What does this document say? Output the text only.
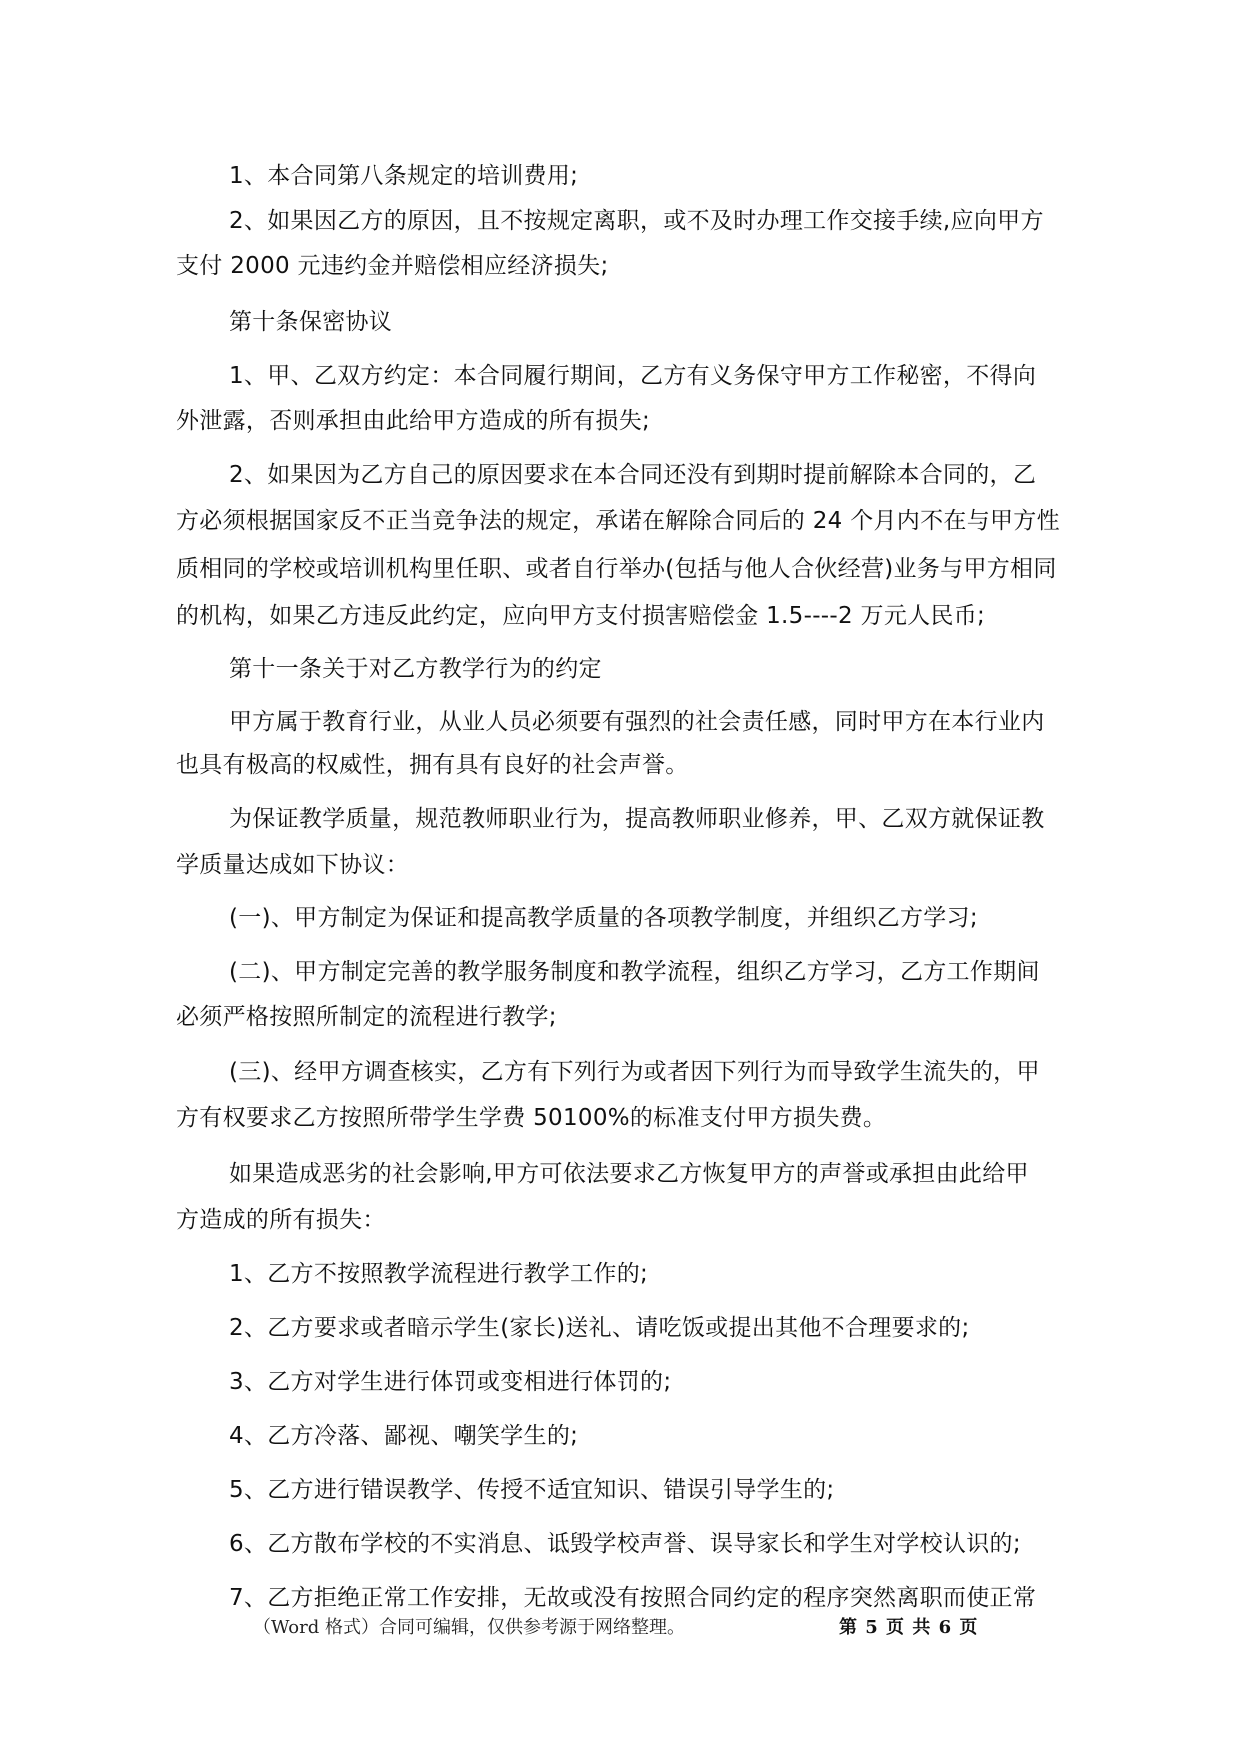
1、本合同第八条规定的培训费用;
2、如果因乙方的原因，且不按规定离职，或不及时办理工作交接手续,应向甲方
支付 2000 元违约金并赔偿相应经济损失;
第十条保密协议
1、甲、乙双方约定：本合同履行期间，乙方有义务保守甲方工作秘密，不得向
外泄露，否则承担由此给甲方造成的所有损失;
2、如果因为乙方自己的原因要求在本合同还没有到期时提前解除本合同的，乙
方必须根据国家反不正当竞争法的规定，承诺在解除合同后的 24 个月内不在与甲方性
质相同的学校或培训机构里任职、或者自行举办(包括与他人合伙经营)业务与甲方相同
的机构，如果乙方违反此约定，应向甲方支付损害赔偿金 1.5----2 万元人民币;
第十一条关于对乙方教学行为的约定
甲方属于教育行业，从业人员必须要有强烈的社会责任感，同时甲方在本行业内
也具有极高的权威性，拥有具有良好的社会声誉。
为保证教学质量，规范教师职业行为，提高教师职业修养，甲、乙双方就保证教
学质量达成如下协议：
(一)、甲方制定为保证和提高教学质量的各项教学制度，并组织乙方学习;
(二)、甲方制定完善的教学服务制度和教学流程，组织乙方学习，乙方工作期间
必须严格按照所制定的流程进行教学;
(三)、经甲方调查核实，乙方有下列行为或者因下列行为而导致学生流失的，甲
方有权要求乙方按照所带学生学费 50100%的标准支付甲方损失费。
如果造成恶劣的社会影响,甲方可依法要求乙方恢复甲方的声誉或承担由此给甲
方造成的所有损失：
1、乙方不按照教学流程进行教学工作的;
2、乙方要求或者暗示学生(家长)送礼、请吃饭或提出其他不合理要求的;
3、乙方对学生进行体罚或变相进行体罚的;
4、乙方冷落、鄙视、嘲笑学生的;
5、乙方进行错误教学、传授不适宜知识、错误引导学生的;
6、乙方散布学校的不实消息、诋毁学校声誉、误导家长和学生对学校认识的;
7、乙方拒绝正常工作安排，无故或没有按照合同约定的程序突然离职而使正常
（Word 格式）合同可编辑，仅供参考源于网络整理。	第 5 页 共 6 页
